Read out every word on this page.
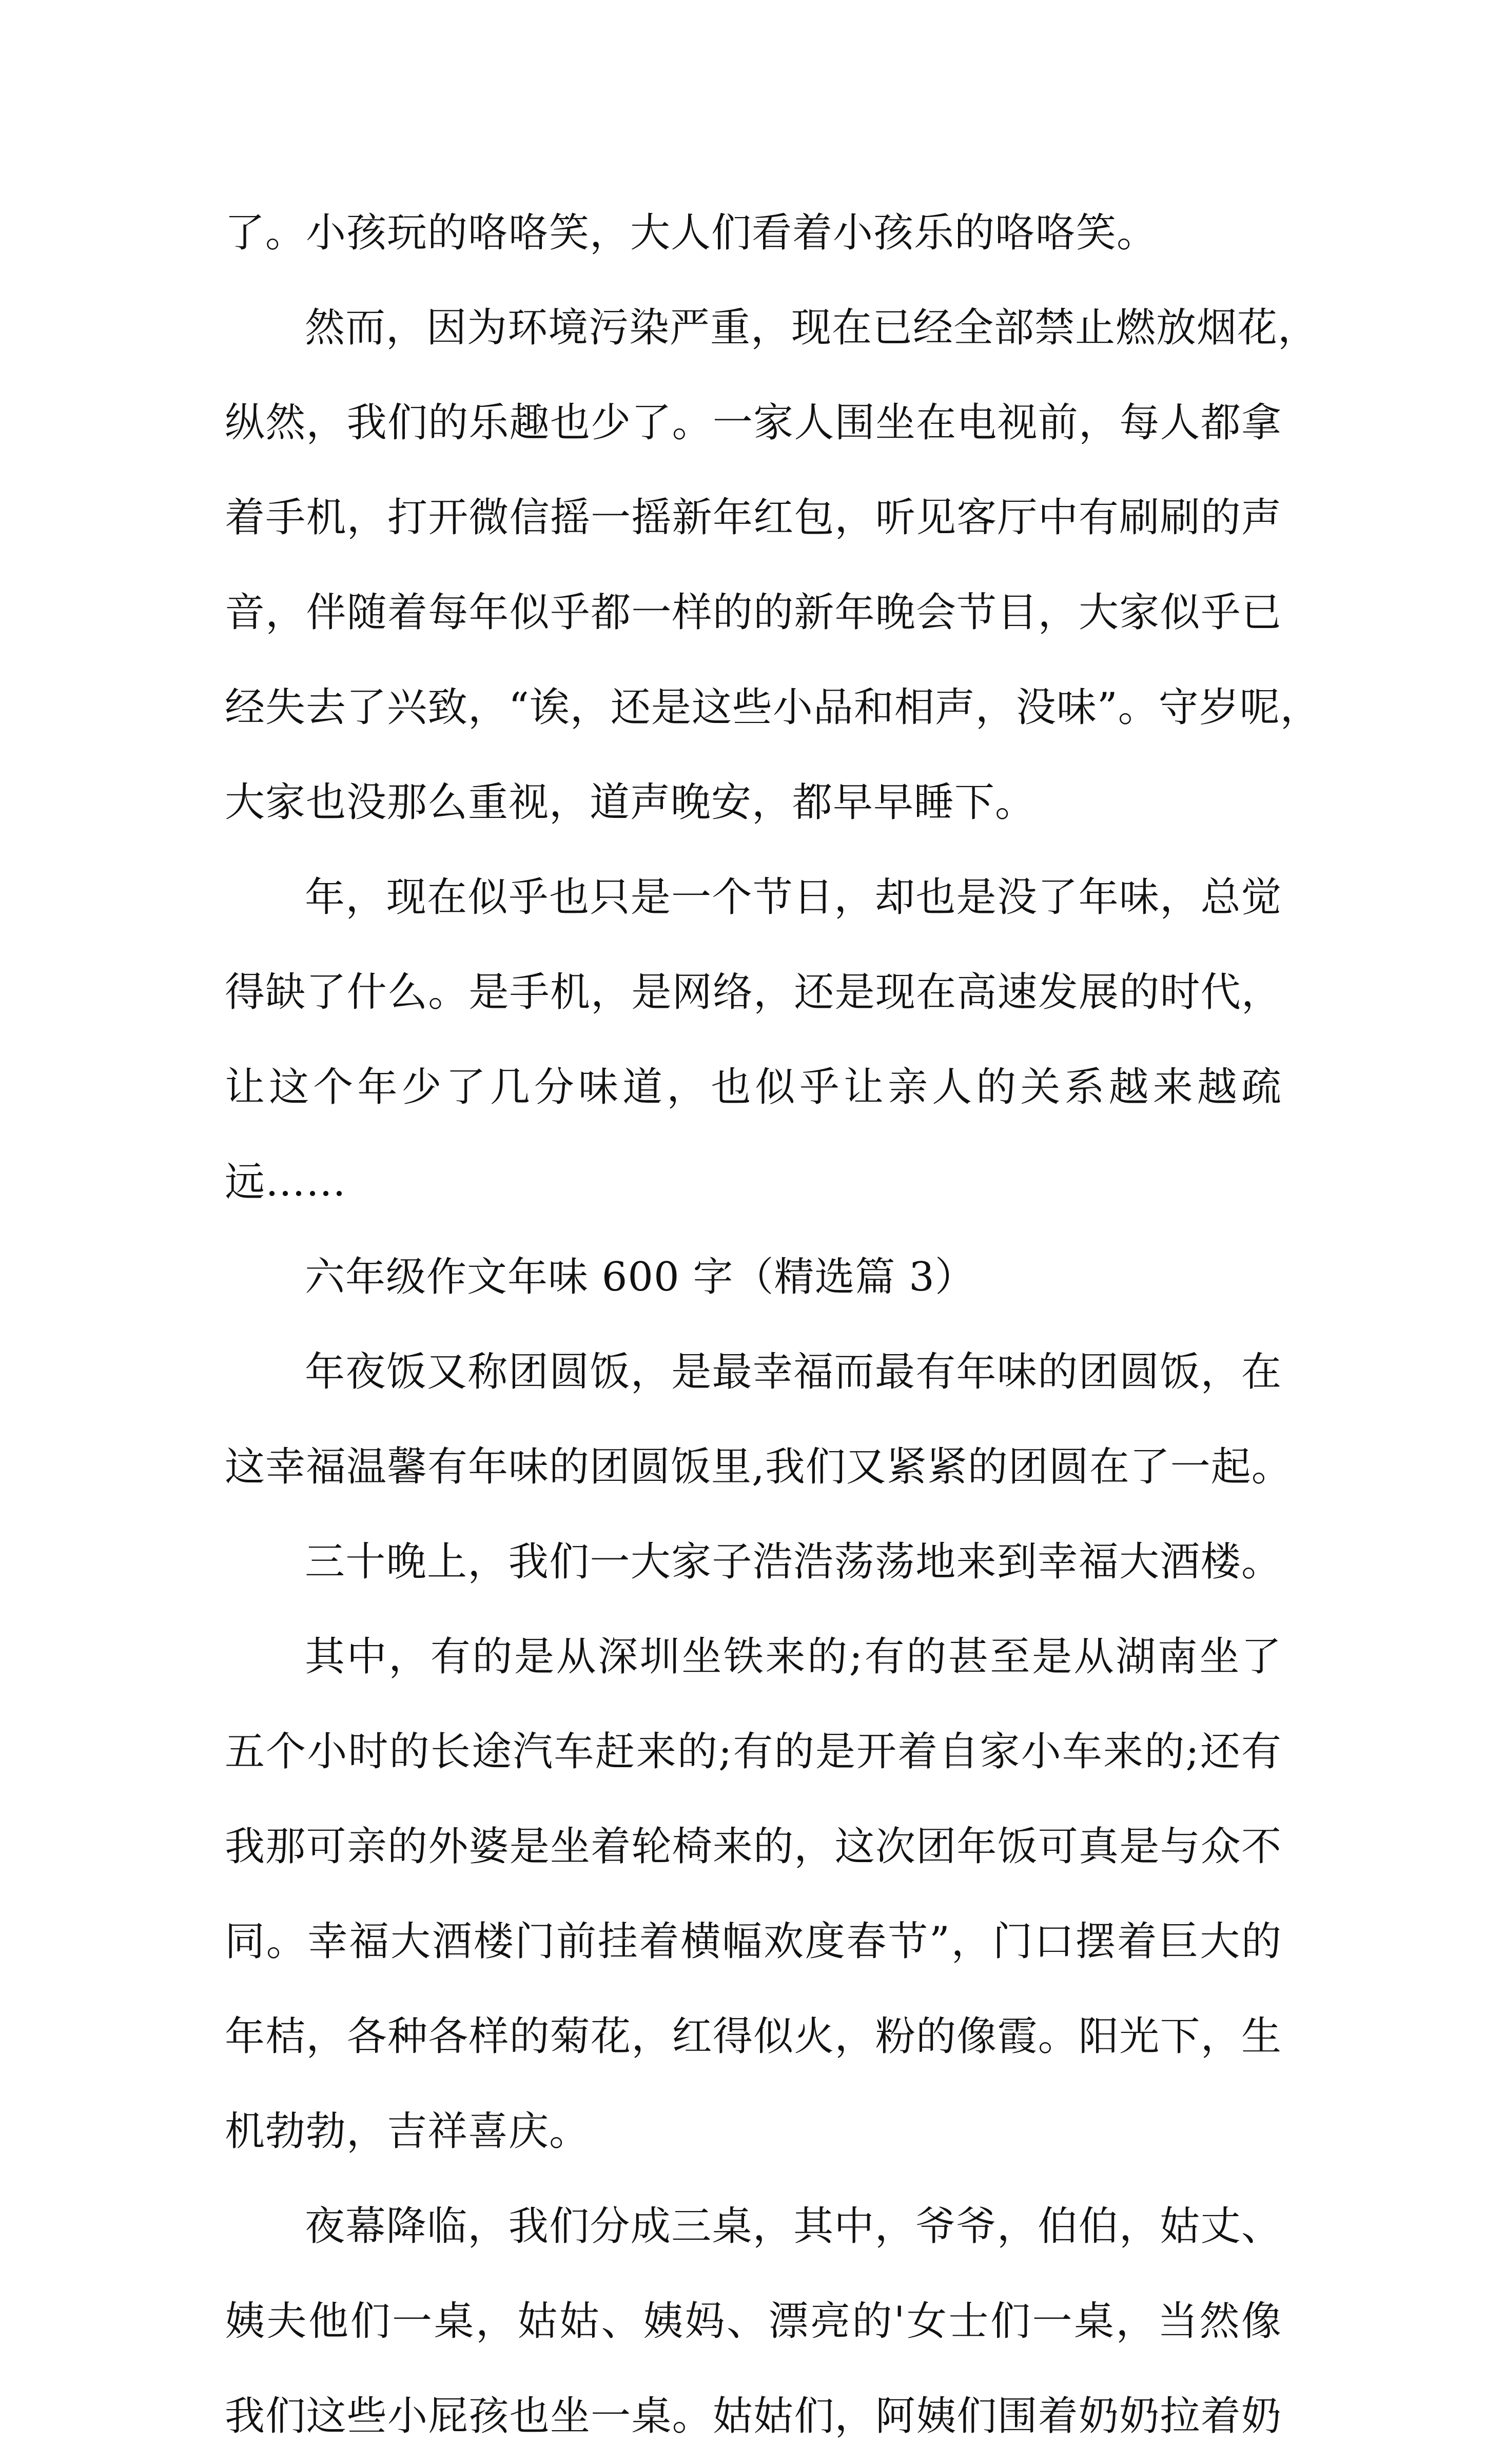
了。小孩玩的咯咯笑，大人们看着小孩乐的咯咯笑。
然而，因为环境污染严重，现在已经全部禁止燃放烟花，
纵然，我们的乐趣也少了。一家人围坐在电视前，每人都拿
着手机，打开微信摇一摇新年红包，听见客厅中有刷刷的声
音，伴随着每年似乎都一样的的新年晚会节目，大家似乎已
经失去了兴致，“诶，还是这些小品和相声，没味”。守岁呢，
大家也没那么重视，道声晚安，都早早睡下。
年，现在似乎也只是一个节日，却也是没了年味，总觉
得缺了什么。是手机，是网络，还是现在高速发展的时代，
让这个年少了几分味道，也似乎让亲人的关系越来越疏
远……
六年级作文年味 600 字（精选篇 3）
年夜饭又称团圆饭，是最幸福而最有年味的团圆饭，在
这幸福温馨有年味的团圆饭里,我们又紧紧的团圆在了一起。
三十晚上，我们一大家子浩浩荡荡地来到幸福大酒楼。
其中，有的是从深圳坐铁来的;有的甚至是从湖南坐了
五个小时的长途汽车赶来的;有的是开着自家小车来的;还有
我那可亲的外婆是坐着轮椅来的，这次团年饭可真是与众不
同。幸福大酒楼门前挂着横幅欢度春节”，门口摆着巨大的
年桔，各种各样的菊花，红得似火，粉的像霞。阳光下，生
机勃勃，吉祥喜庆。
夜幕降临，我们分成三桌，其中，爷爷，伯伯，姑丈、
姨夫他们一桌，姑姑、姨妈、漂亮的'女士们一桌，当然像
我们这些小屁孩也坐一桌。姑姑们，阿姨们围着奶奶拉着奶
